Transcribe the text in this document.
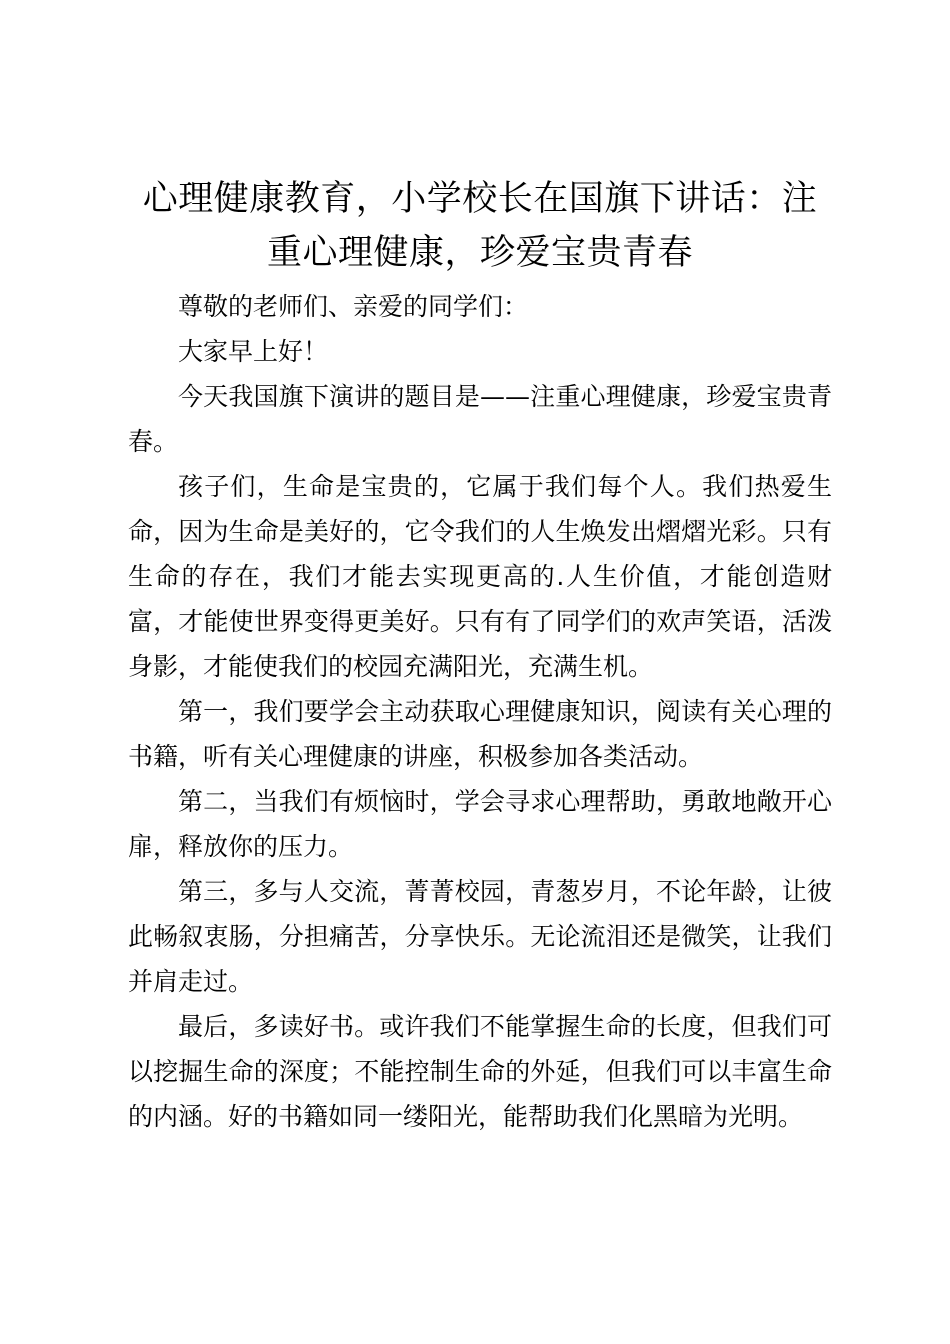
心理健康教育，小学校长在国旗下讲话：注重心理健康，珍爱宝贵青春

尊敬的老师们、亲爱的同学们：

大家早上好！

今天我国旗下演讲的题目是——注重心理健康，珍爱宝贵青春。

孩子们，生命是宝贵的，它属于我们每个人。我们热爱生命，因为生命是美好的，它令我们的人生焕发出熠熠光彩。只有生命的存在，我们才能去实现更高的.人生价值，才能创造财富，才能使世界变得更美好。只有有了同学们的欢声笑语，活泼身影，才能使我们的校园充满阳光，充满生机。

第一，我们要学会主动获取心理健康知识，阅读有关心理的书籍，听有关心理健康的讲座，积极参加各类活动。

第二，当我们有烦恼时，学会寻求心理帮助，勇敢地敞开心扉，释放你的压力。

第三，多与人交流，菁菁校园，青葱岁月，不论年龄，让彼此畅叙衷肠，分担痛苦，分享快乐。无论流泪还是微笑，让我们并肩走过。

最后，多读好书。或许我们不能掌握生命的长度，但我们可以挖掘生命的深度；不能控制生命的外延，但我们可以丰富生命的内涵。好的书籍如同一缕阳光，能帮助我们化黑暗为光明。
